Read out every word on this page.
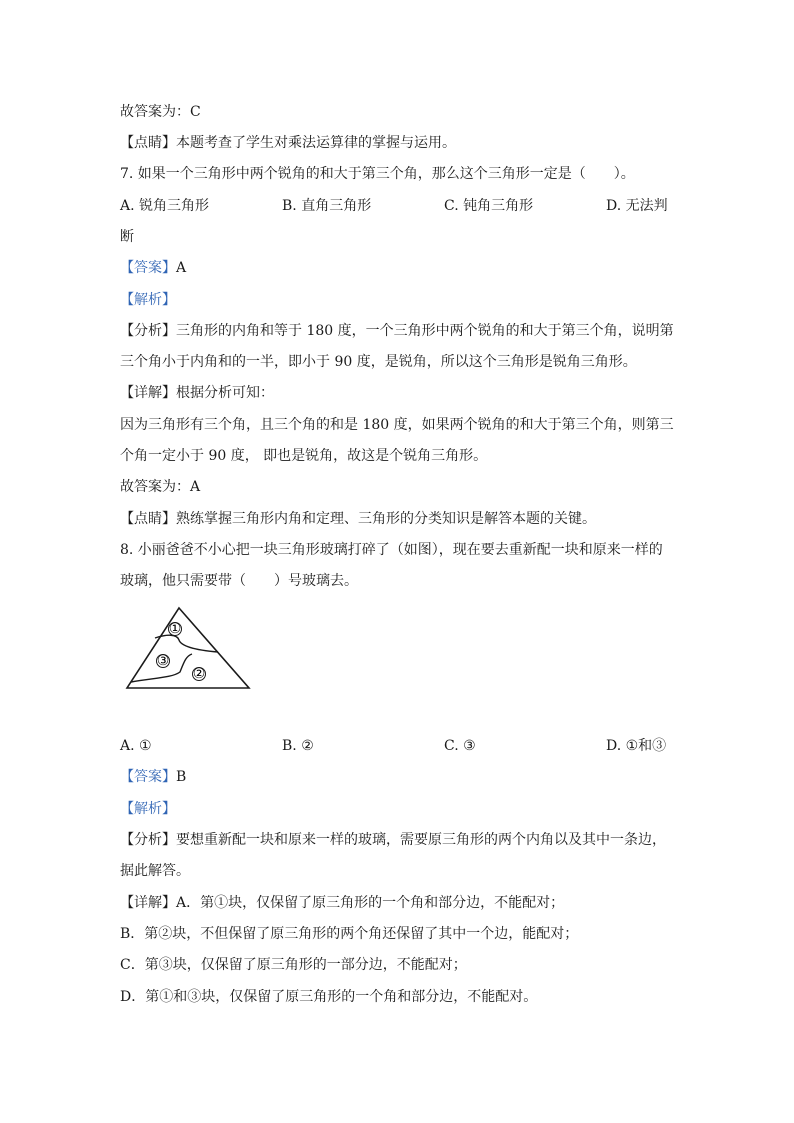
故答案为：C
【点睛】本题考查了学生对乘法运算律的掌握与运用。
7. 如果一个三角形中两个锐角的和大于第三个角，那么这个三角形一定是（　　）。
A. 锐角三角形	B. 直角三角形	C. 钝角三角形	D. 无法判
断
【答案】A
【解析】
【分析】三角形的内角和等于 180 度，一个三角形中两个锐角的和大于第三个角，说明第
三个角小于内角和的一半，即小于 90 度，是锐角，所以这个三角形是锐角三角形。
【详解】根据分析可知：
因为三角形有三个角，且三个角的和是 180 度，如果两个锐角的和大于第三个角，则第三
个角一定小于 90 度， 即也是锐角，故这是个锐角三角形。
故答案为：A
【点睛】熟练掌握三角形内角和定理、三角形的分类知识是解答本题的关键。
8. 小丽爸爸不小心把一块三角形玻璃打碎了（如图），现在要去重新配一块和原来一样的
玻璃，他只需要带（　　）号玻璃去。
①
②
③
A. ①	B. ②	C. ③	D. ①和③
【答案】B
【解析】
【分析】要想重新配一块和原来一样的玻璃，需要原三角形的两个内角以及其中一条边，
据此解答。
【详解】A．第①块，仅保留了原三角形的一个角和部分边，不能配对；
B．第②块，不但保留了原三角形的两个角还保留了其中一个边，能配对；
C．第③块，仅保留了原三角形的一部分边，不能配对；
D．第①和③块，仅保留了原三角形的一个角和部分边，不能配对。
